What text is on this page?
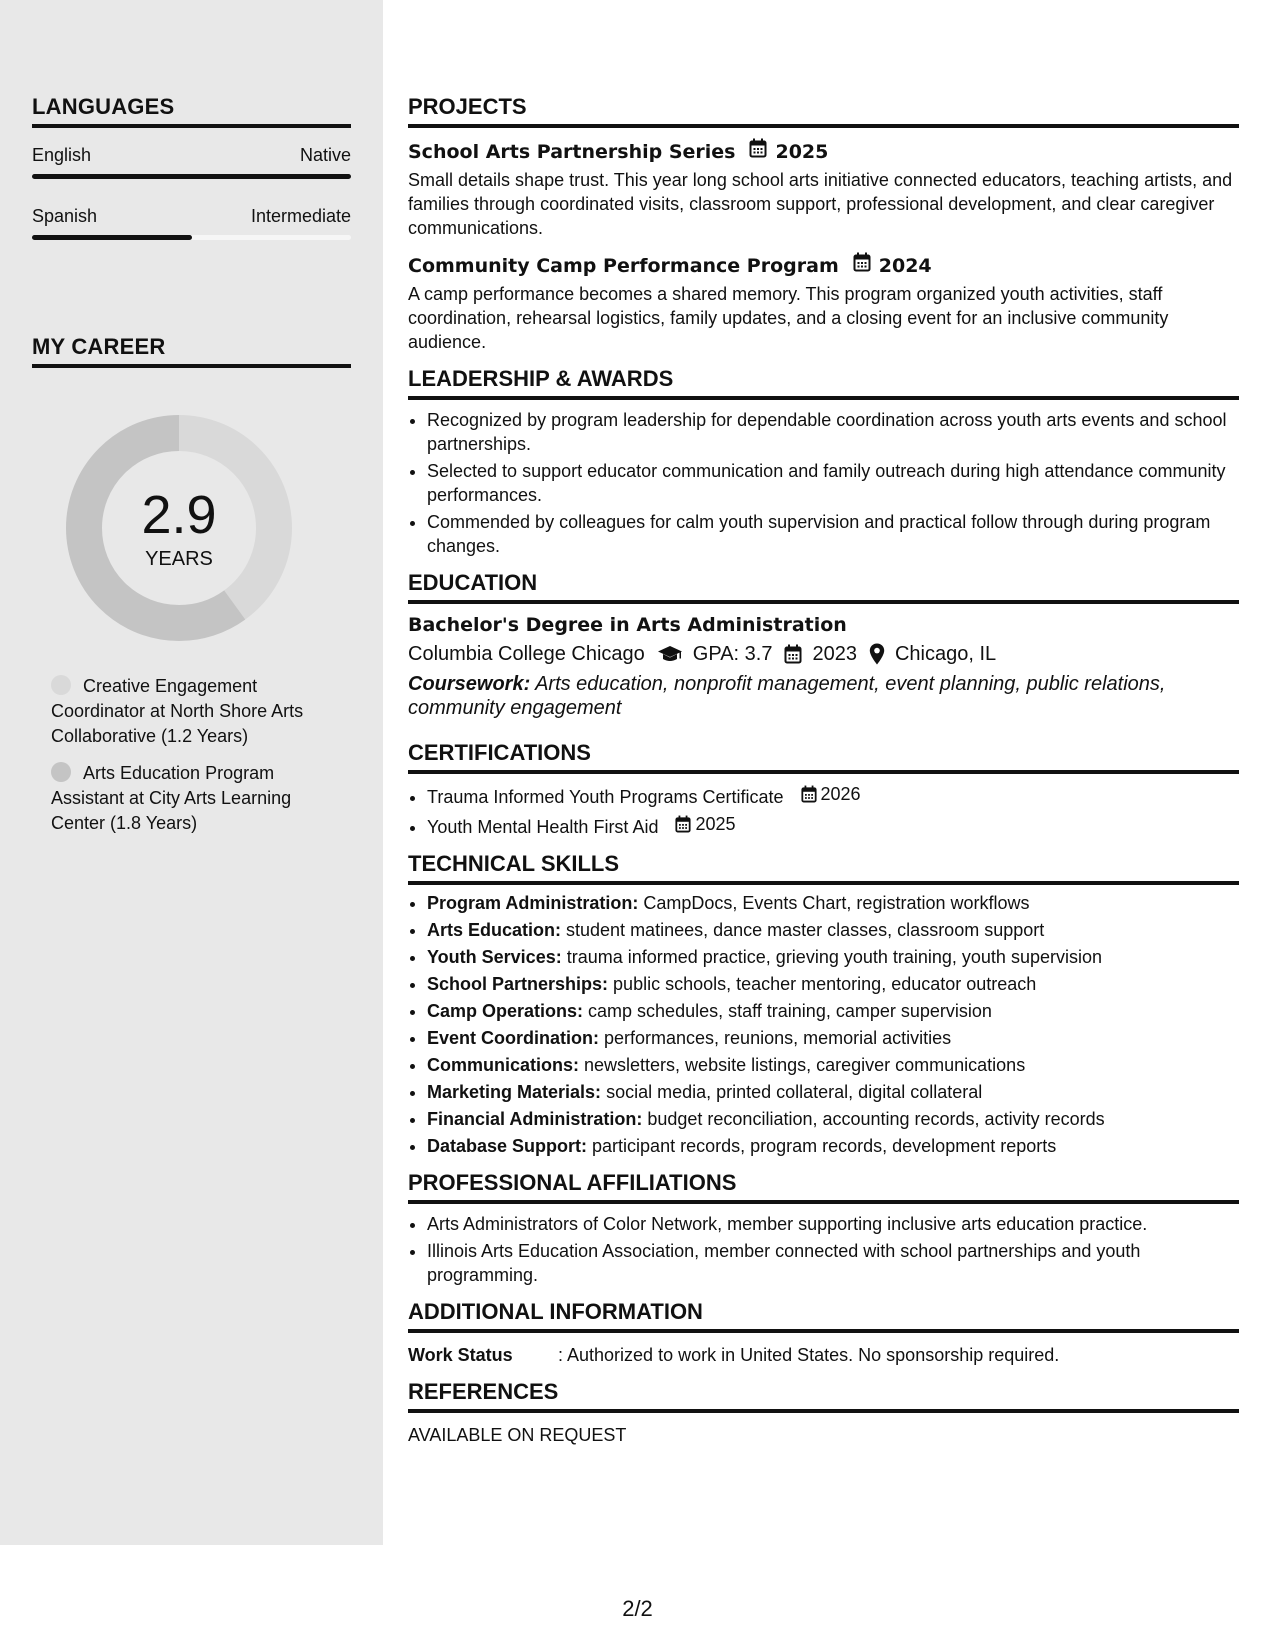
LANGUAGES
English	Native
Spanish	Intermediate
MY CAREER
2.9
YEARS
Creative Engagement Coordinator at North Shore Arts Collaborative (1.2 Years)
Arts Education Program Assistant at City Arts Learning Center (1.8 Years)
PROJECTS
School Arts Partnership Series 2025
Small details shape trust. This year long school arts initiative connected educators, teaching artists, and families through coordinated visits, classroom support, professional development, and clear caregiver communications.
Community Camp Performance Program 2024
A camp performance becomes a shared memory. This program organized youth activities, staff coordination, rehearsal logistics, family updates, and a closing event for an inclusive community audience.
LEADERSHIP & AWARDS
• Recognized by program leadership for dependable coordination across youth arts events and school partnerships.
• Selected to support educator communication and family outreach during high attendance community performances.
• Commended by colleagues for calm youth supervision and practical follow through during program changes.
EDUCATION
Bachelor's Degree in Arts Administration
Columbia College Chicago GPA: 3.7 2023 Chicago, IL
Coursework: Arts education, nonprofit management, event planning, public relations, community engagement
CERTIFICATIONS
• Trauma Informed Youth Programs Certificate 2026
• Youth Mental Health First Aid 2025
TECHNICAL SKILLS
• Program Administration: CampDocs, Events Chart, registration workflows
• Arts Education: student matinees, dance master classes, classroom support
• Youth Services: trauma informed practice, grieving youth training, youth supervision
• School Partnerships: public schools, teacher mentoring, educator outreach
• Camp Operations: camp schedules, staff training, camper supervision
• Event Coordination: performances, reunions, memorial activities
• Communications: newsletters, website listings, caregiver communications
• Marketing Materials: social media, printed collateral, digital collateral
• Financial Administration: budget reconciliation, accounting records, activity records
• Database Support: participant records, program records, development reports
PROFESSIONAL AFFILIATIONS
• Arts Administrators of Color Network, member supporting inclusive arts education practice.
• Illinois Arts Education Association, member connected with school partnerships and youth programming.
ADDITIONAL INFORMATION
Work Status	: Authorized to work in United States. No sponsorship required.
REFERENCES
AVAILABLE ON REQUEST
2/2
